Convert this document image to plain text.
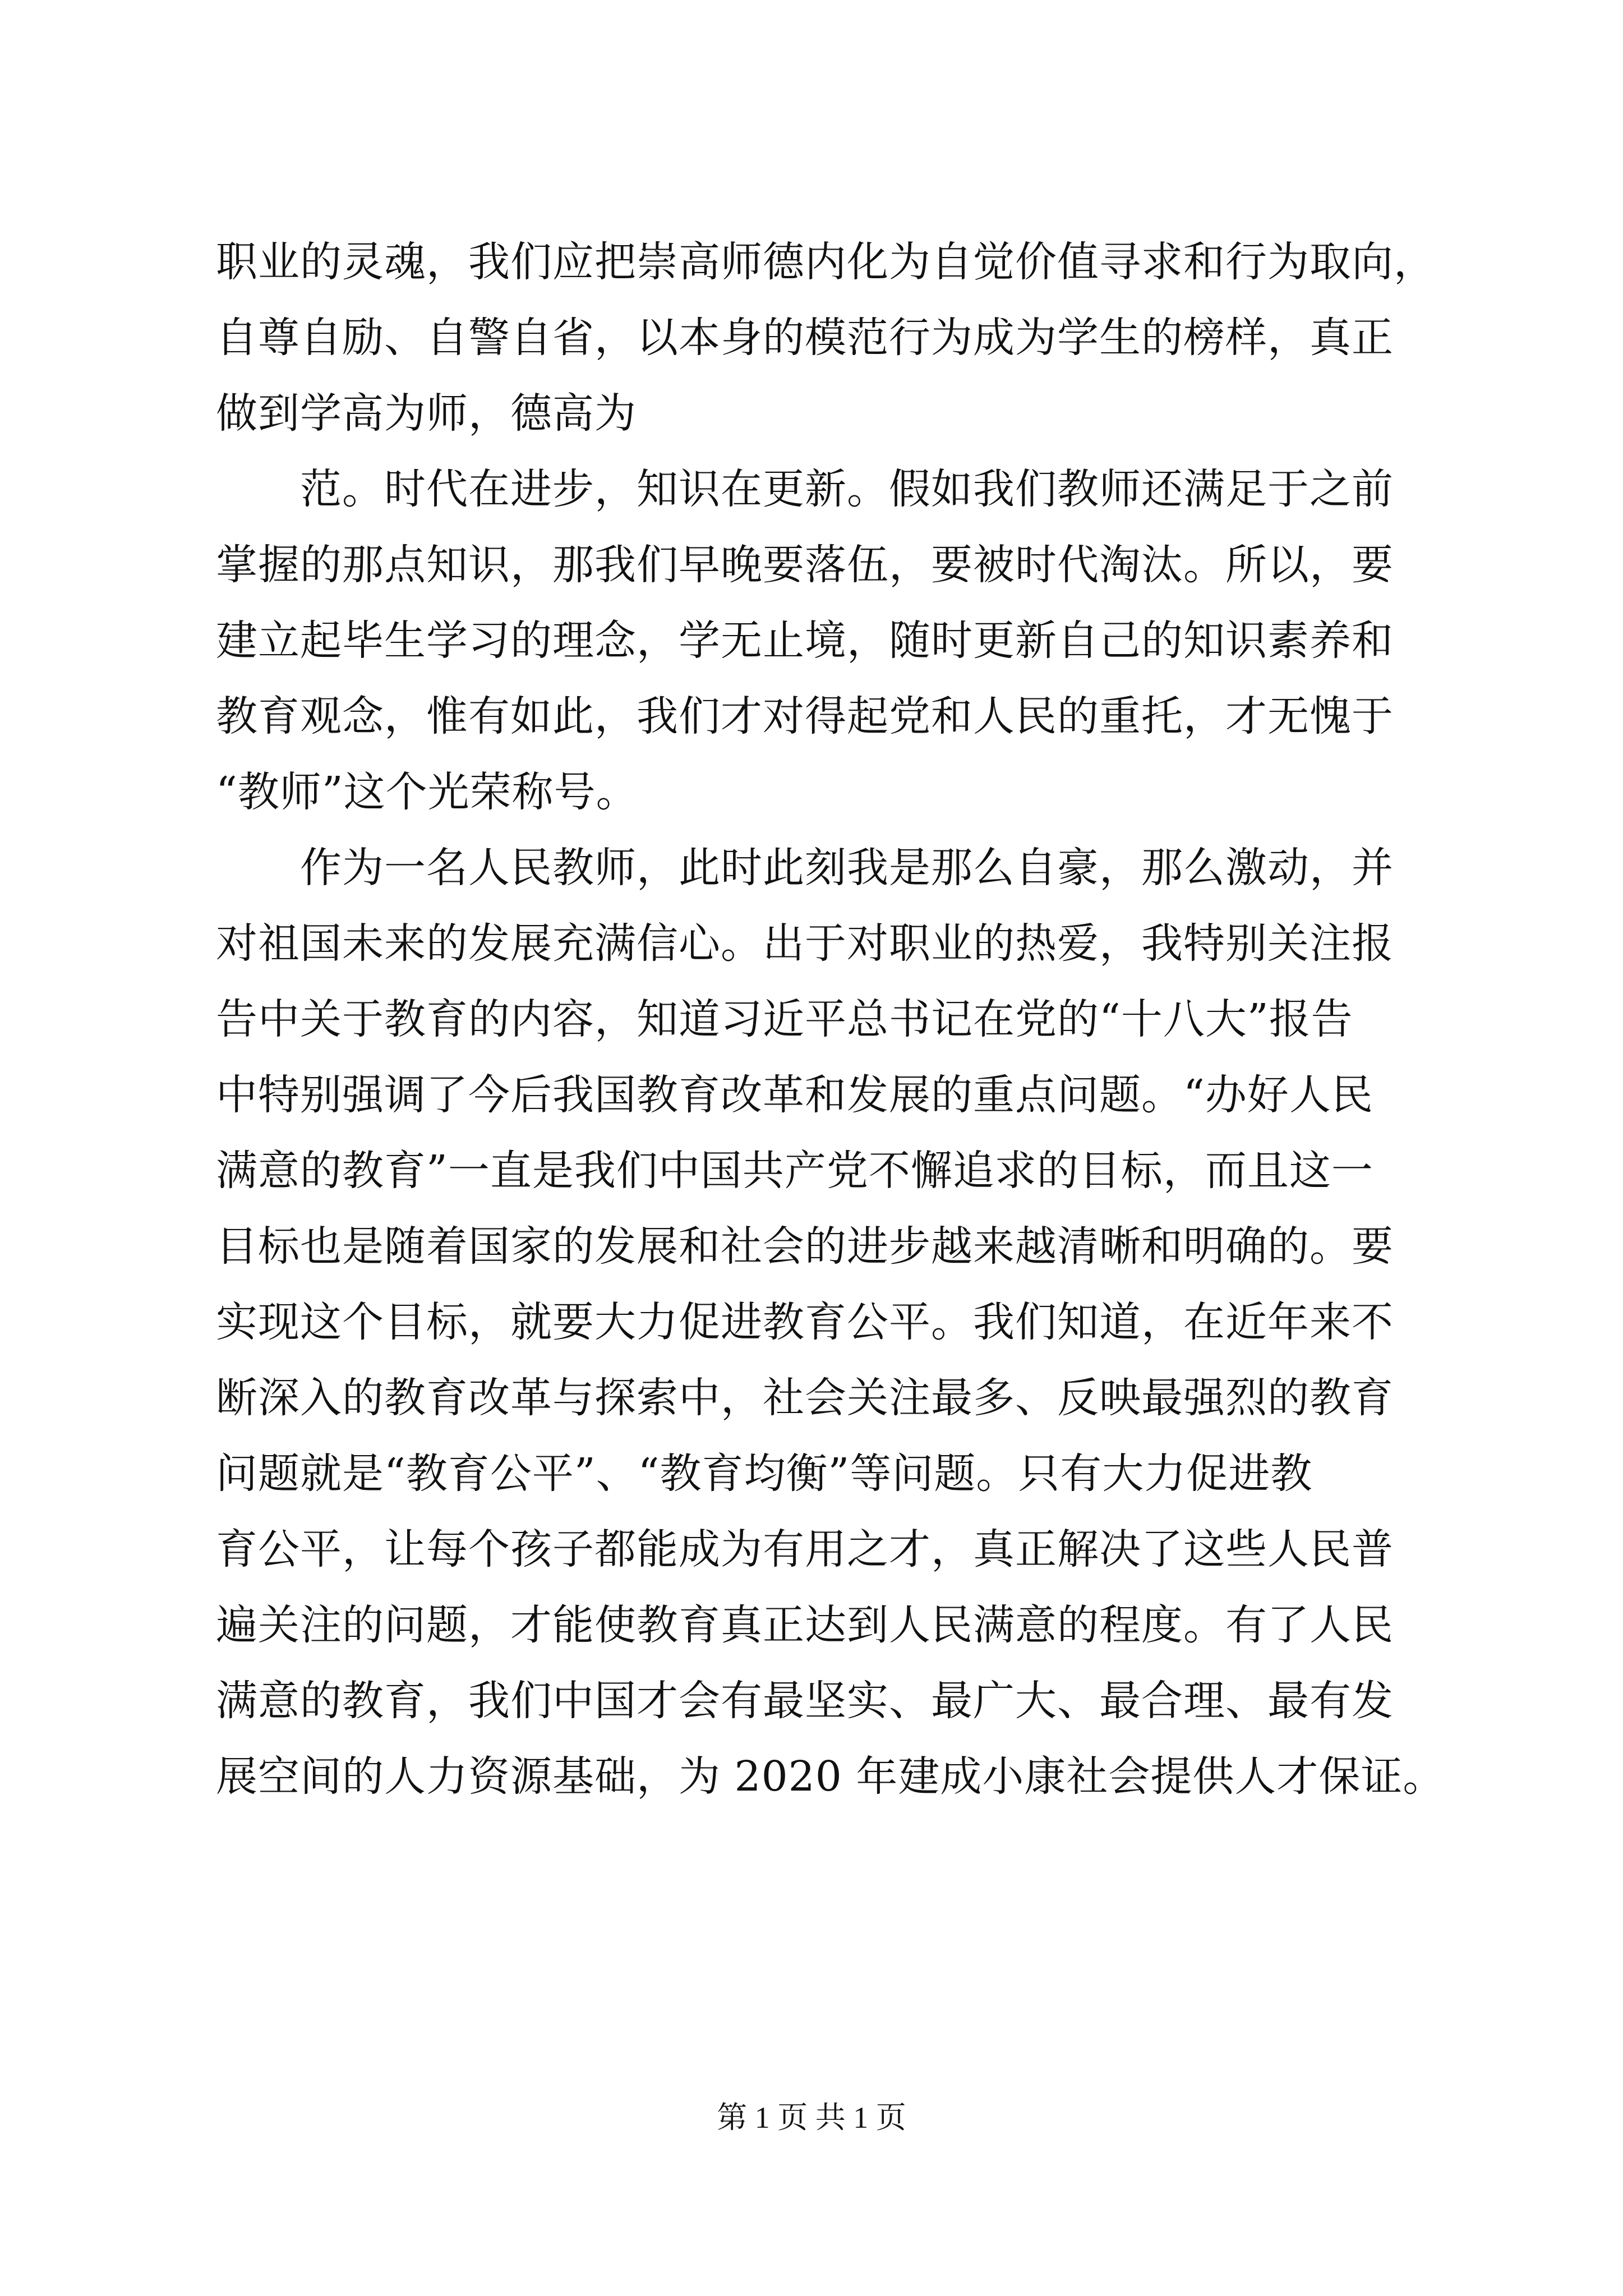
职业的灵魂，我们应把崇高师德内化为自觉价值寻求和行为取向，
自尊自励、自警自省，以本身的模范行为成为学生的榜样，真正
做到学高为师，德高为

范。时代在进步，知识在更新。假如我们教师还满足于之前
掌握的那点知识，那我们早晚要落伍，要被时代淘汰。所以，要
建立起毕生学习的理念，学无止境，随时更新自己的知识素养和
教育观念，惟有如此，我们才对得起党和人民的重托，才无愧于
“教师”这个光荣称号。

作为一名人民教师，此时此刻我是那么自豪，那么激动，并
对祖国未来的发展充满信心。出于对职业的热爱，我特别关注报
告中关于教育的内容，知道习近平总书记在党的“十八大”报告
中特别强调了今后我国教育改革和发展的重点问题。“办好人民
满意的教育”一直是我们中国共产党不懈追求的目标，而且这一
目标也是随着国家的发展和社会的进步越来越清晰和明确的。要
实现这个目标，就要大力促进教育公平。我们知道，在近年来不
断深入的教育改革与探索中，社会关注最多、反映最强烈的教育
问题就是“教育公平”、“教育均衡”等问题。只有大力促进教
育公平，让每个孩子都能成为有用之才，真正解决了这些人民普
遍关注的问题，才能使教育真正达到人民满意的程度。有了人民
满意的教育，我们中国才会有最坚实、最广大、最合理、最有发
展空间的人力资源基础，为 2020 年建成小康社会提供人才保证。

第 1 页 共 1 页
